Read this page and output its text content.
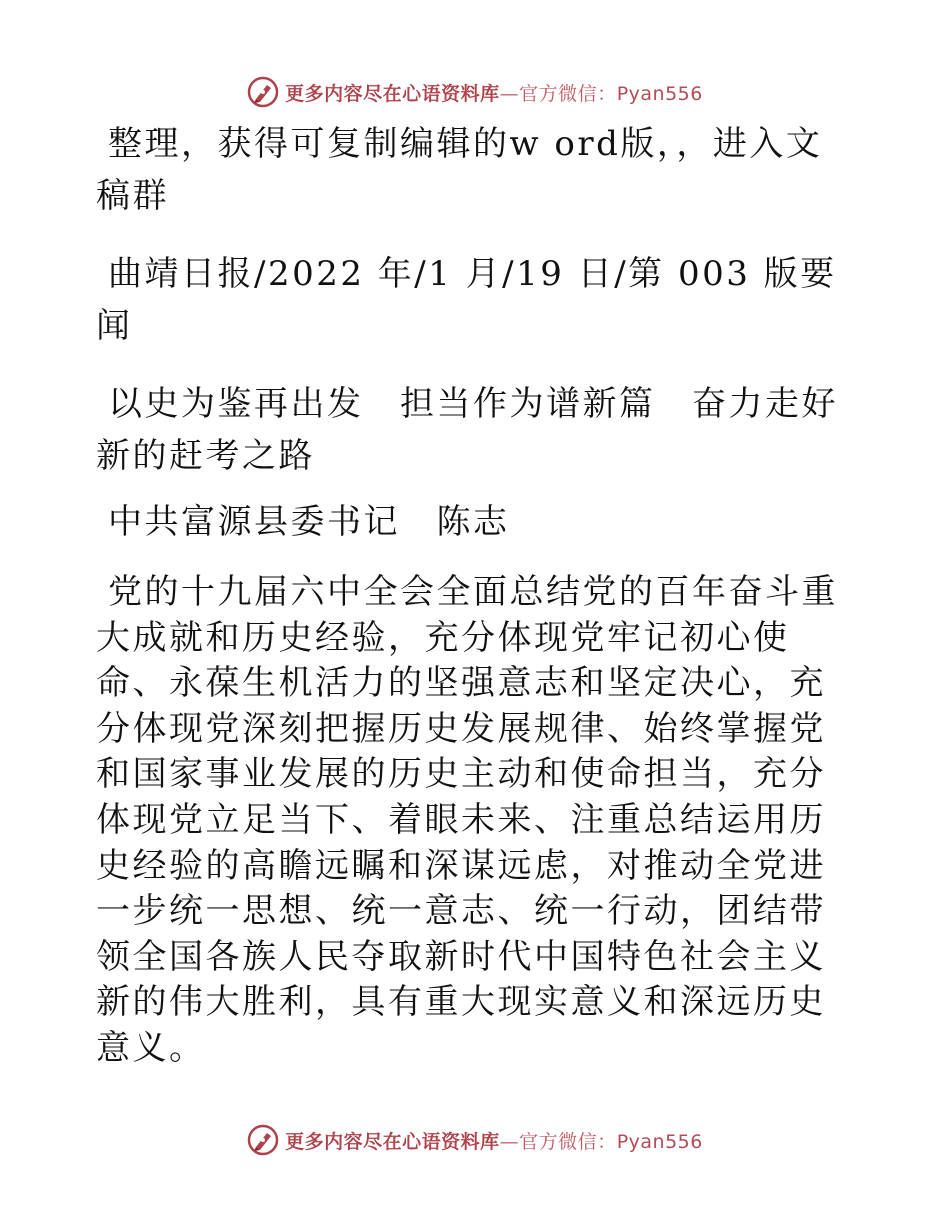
更多内容尽在心语资料库—官方微信：Pyan556

整理，获得可复制编辑的w ord版，，进入文稿群

曲靖日报/2022 年/1 月/19 日/第 003 版要闻

以史为鉴再出发　担当作为谱新篇　奋力走好新的赶考之路

中共富源县委书记　陈志

党的十九届六中全会全面总结党的百年奋斗重大成就和历史经验，充分体现党牢记初心使命、永葆生机活力的坚强意志和坚定决心，充分体现党深刻把握历史发展规律、始终掌握党和国家事业发展的历史主动和使命担当，充分体现党立足当下、着眼未来、注重总结运用历史经验的高瞻远瞩和深谋远虑，对推动全党进一步统一思想、统一意志、统一行动，团结带领全国各族人民夺取新时代中国特色社会主义新的伟大胜利，具有重大现实意义和深远历史意义。

更多内容尽在心语资料库—官方微信：Pyan556
